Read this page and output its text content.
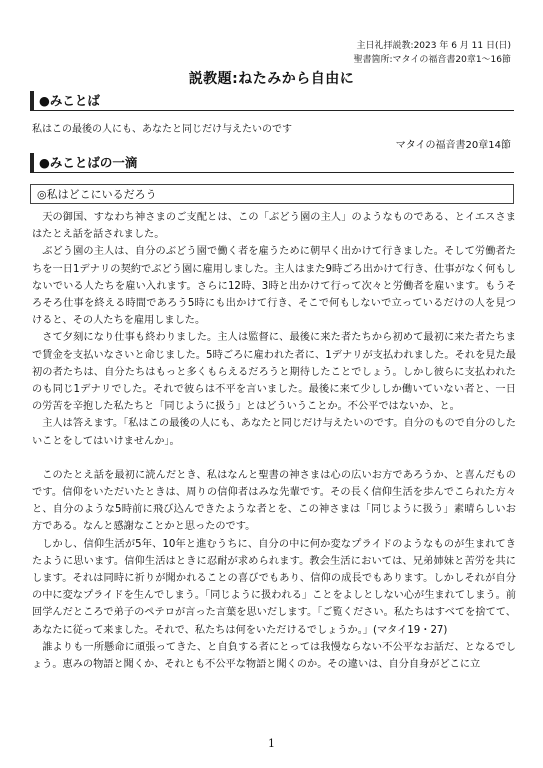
主日礼拝説教:2023 年 6 月 11 日(日)
聖書箇所:マタイの福音書20章1〜16節
説教題:ねたみから自由に
●みことば
私はこの最後の人にも、あなたと同じだけ与えたいのです
マタイの福音書20章14節
●みことばの一滴
◎私はどこにいるだろう

天の御国、すなわち神さまのご支配とは、この「ぶどう園の主人」のようなものである、とイエスさまはたとえ話を話されました。

ぶどう園の主人は、自分のぶどう園で働く者を雇うために朝早く出かけて行きました。そして労働者たちを一日1デナリの契約でぶどう園に雇用しました。主人はまた9時ごろ出かけて行き、仕事がなく何もしないでいる人たちを雇い入れます。さらに12時、3時と出かけて行って次々と労働者を雇います。もうそろそろ仕事を終える時間であろう5時にも出かけて行き、そこで何もしないで立っているだけの人を見つけると、その人たちを雇用しました。

さて夕刻になり仕事も終わりました。主人は監督に、最後に来た者たちから初めて最初に来た者たちまで賃金を支払いなさいと命じました。5時ごろに雇われた者に、1デナリが支払われました。それを見た最初の者たちは、自分たちはもっと多くもらえるだろうと期待したことでしょう。しかし彼らに支払われたのも同じ1デナリでした。それで彼らは不平を言いました。最後に来て少ししか働いていない者と、一日の労苦を辛抱した私たちと「同じように扱う」とはどういうことか。不公平ではないか、と。

主人は答えます。「私はこの最後の人にも、あなたと同じだけ与えたいのです。自分のもので自分のしたいことをしてはいけませんか」。

このたとえ話を最初に読んだとき、私はなんと聖書の神さまは心の広いお方であろうか、と喜んだものです。信仰をいただいたときは、周りの信仰者はみな先輩です。その長く信仰生活を歩んでこられた方々と、自分のような5時前に飛び込んできたような者とを、この神さまは「同じように扱う」素晴らしいお方である。なんと感謝なことかと思ったのです。

しかし、信仰生活が5年、10年と進むうちに、自分の中に何か変なプライドのようなものが生まれてきたように思います。信仰生活はときに忍耐が求められます。教会生活においては、兄弟姉妹と苦労を共にします。それは同時に祈りが聞かれることの喜びでもあり、信仰の成長でもあります。しかしそれが自分の中に変なプライドを生んでしまう。「同じように扱われる」ことをよしとしない心が生まれてしまう。前回学んだところで弟子のペテロが言った言葉を思いだします。「ご覧ください。私たちはすべてを捨てて、あなたに従って来ました。それで、私たちは何をいただけるでしょうか。」(マタイ19・27)

誰よりも一所懸命に頑張ってきた、と自負する者にとっては我慢ならない不公平なお話だ、となるでしょう。恵みの物語と聞くか、それとも不公平な物語と聞くのか。その違いは、自分自身がどこに立

1
